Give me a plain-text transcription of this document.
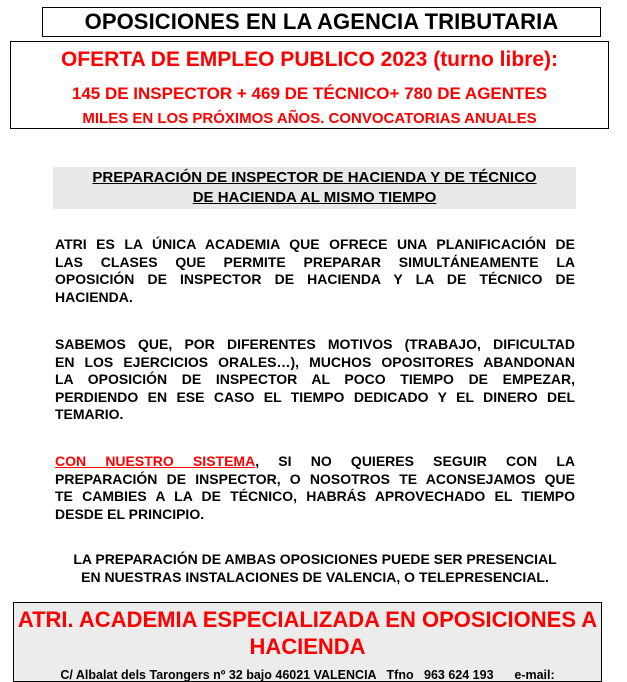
OPOSICIONES EN LA AGENCIA TRIBUTARIA
OFERTA DE EMPLEO PUBLICO 2023 (turno libre):
145 DE INSPECTOR + 469 DE TÉCNICO+ 780 DE AGENTES
MILES EN LOS PRÓXIMOS AÑOS. CONVOCATORIAS ANUALES
PREPARACIÓN DE INSPECTOR DE HACIENDA Y DE TÉCNICO
DE HACIENDA AL MISMO TIEMPO
ATRI ES LA ÚNICA ACADEMIA QUE OFRECE UNA PLANIFICACIÓN DE
LAS CLASES QUE PERMITE PREPARAR SIMULTÁNEAMENTE LA
OPOSICIÓN DE INSPECTOR DE HACIENDA Y LA DE TÉCNICO DE
HACIENDA.
SABEMOS QUE, POR DIFERENTES MOTIVOS (TRABAJO, DIFICULTAD
EN LOS EJERCICIOS ORALES…), MUCHOS OPOSITORES ABANDONAN
LA OPOSICIÓN DE INSPECTOR AL POCO TIEMPO DE EMPEZAR,
PERDIENDO EN ESE CASO EL TIEMPO DEDICADO Y EL DINERO DEL
TEMARIO.
CON NUESTRO SISTEMA, SI NO QUIERES SEGUIR CON LA
PREPARACIÓN DE INSPECTOR, O NOSOTROS TE ACONSEJAMOS QUE
TE CAMBIES A LA DE TÉCNICO, HABRÁS APROVECHADO EL TIEMPO
DESDE EL PRINCIPIO.
LA PREPARACIÓN DE AMBAS OPOSICIONES PUEDE SER PRESENCIAL
EN NUESTRAS INSTALACIONES DE VALENCIA, O TELEPRESENCIAL.
ATRI. ACADEMIA ESPECIALIZADA EN OPOSICIONES A
HACIENDA
C/ Albalat dels Tarongers nº 32 bajo 46021 VALENCIA   Tfno   963 624 193      e-mail:
